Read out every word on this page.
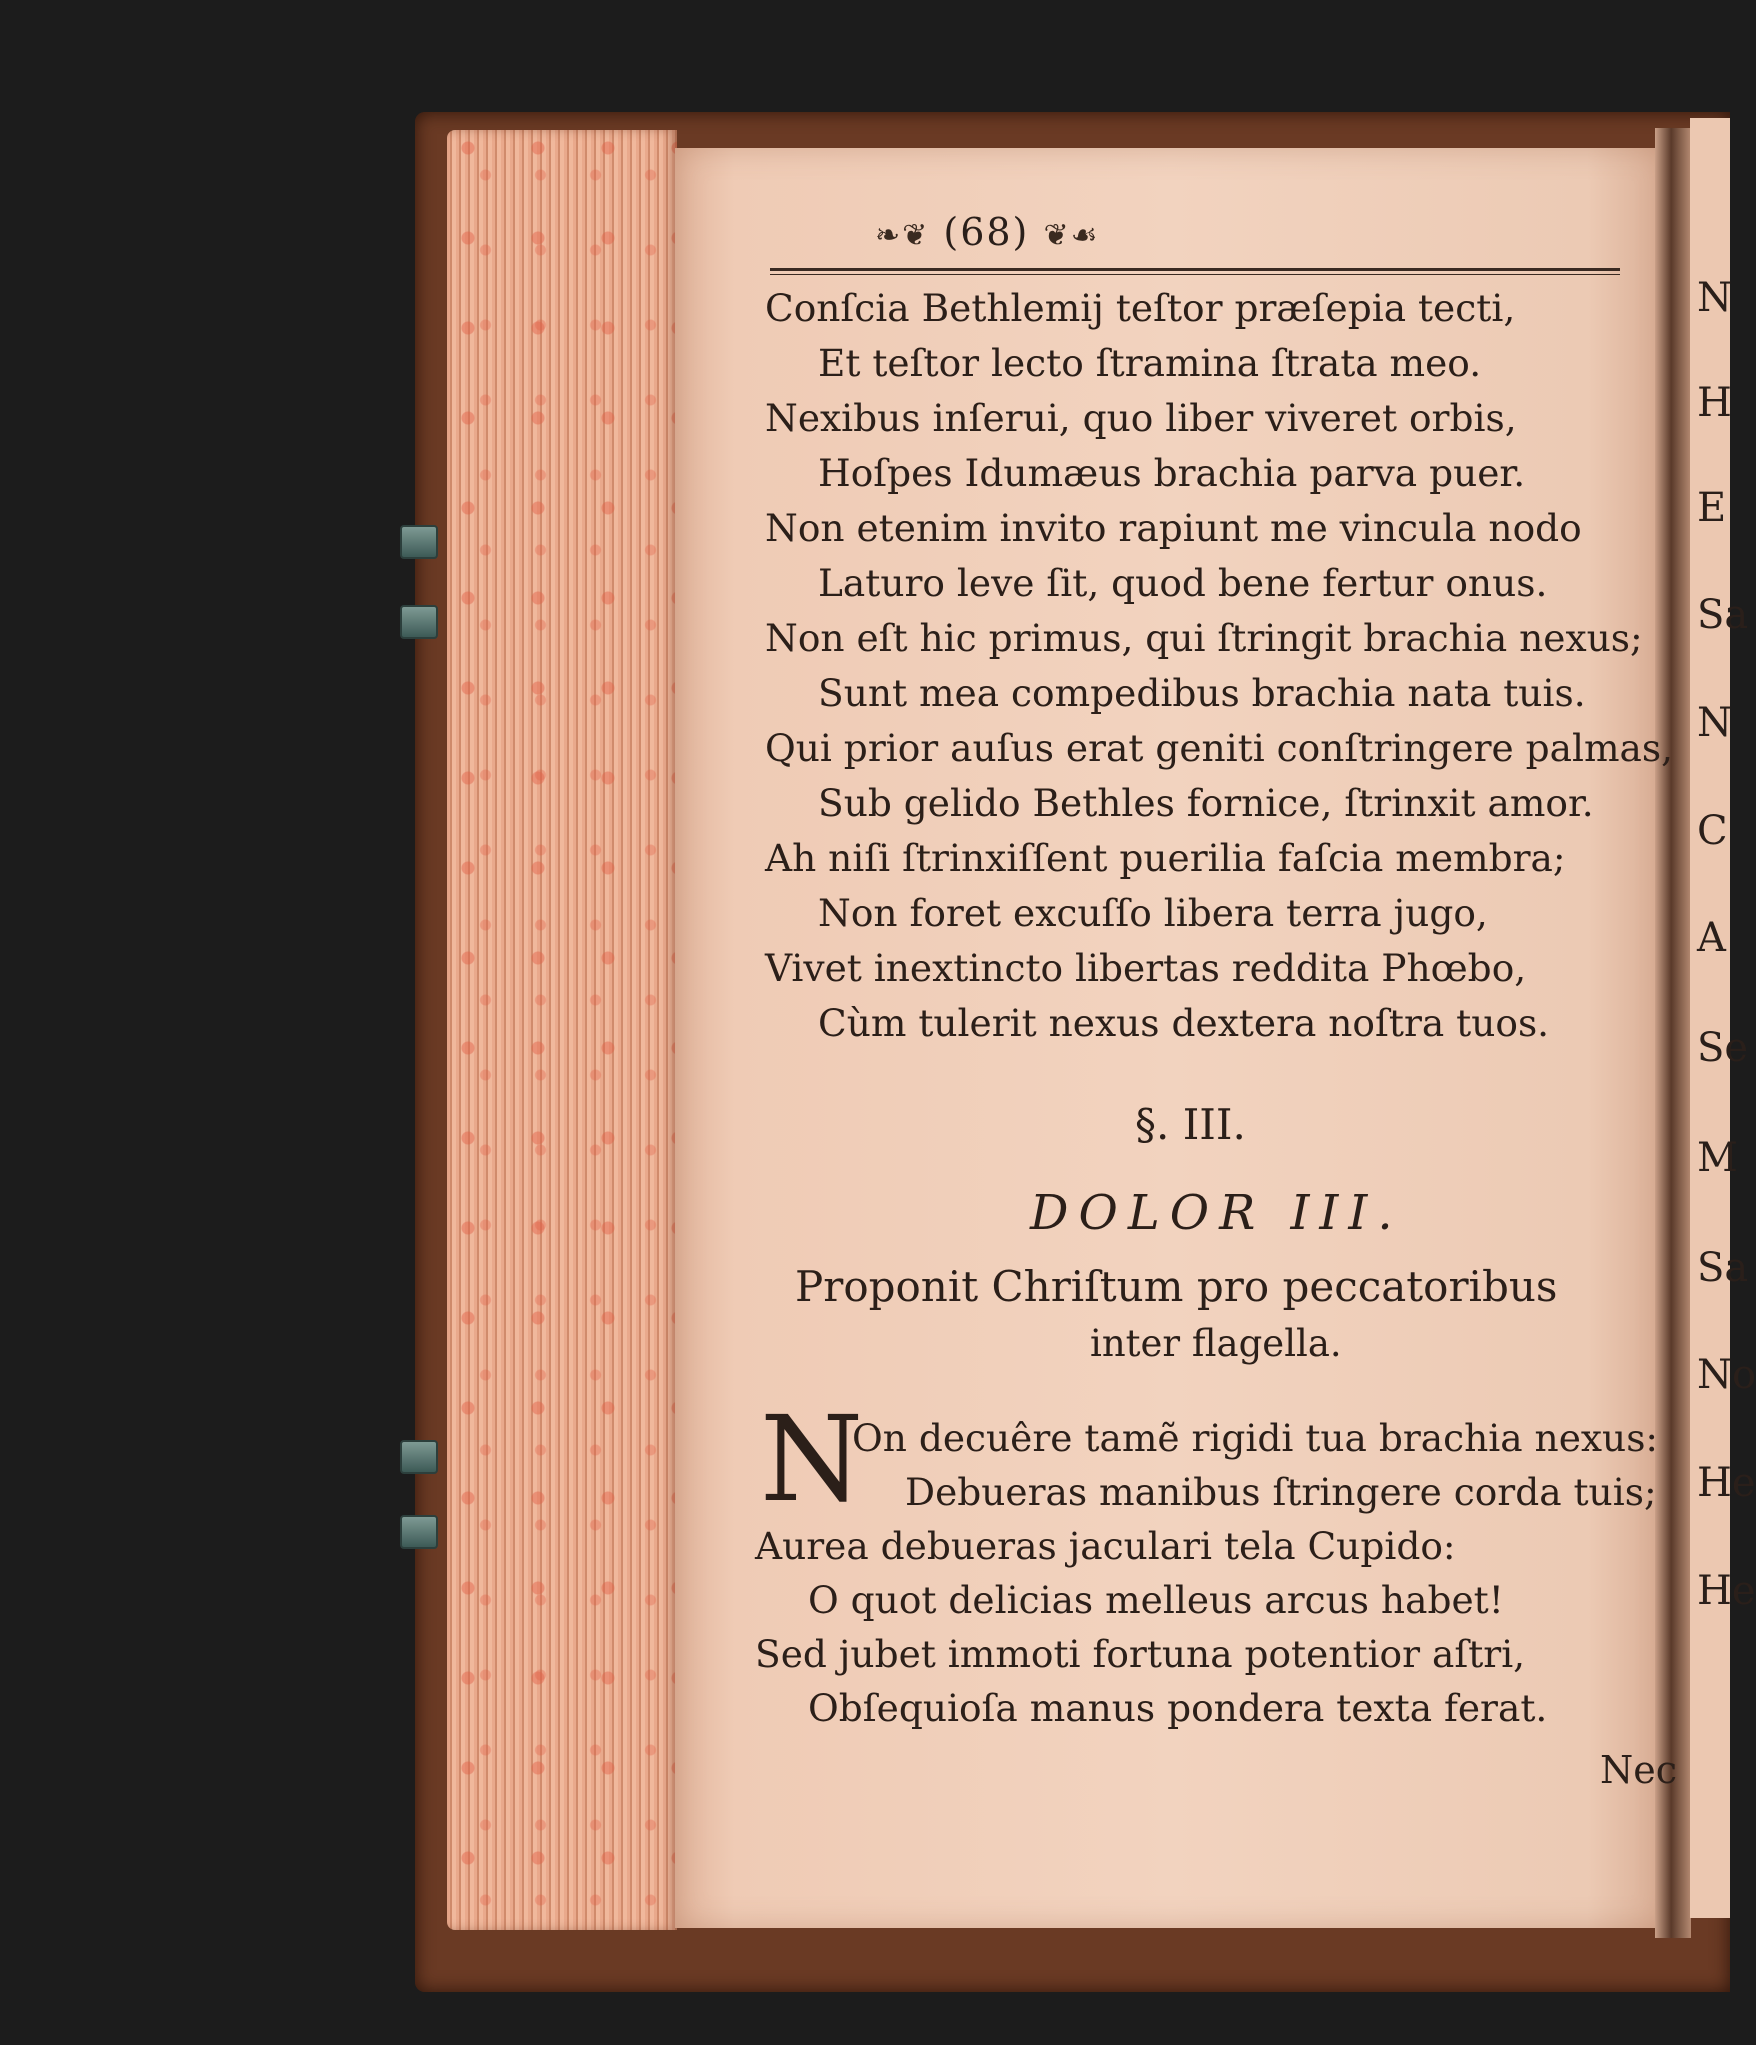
N
H
E
Sa
N
C
A
Se
M
Sa
No
He
He
❧❦ (68) ❦☙
Conſcia Bethlemij teſtor præſepia tecti,
Et teſtor lecto ſtramina ſtrata meo.
Nexibus inſerui, quo liber viveret orbis,
Hoſpes Idumæus brachia parva puer.
Non etenim invito rapiunt me vincula nodo
Laturo leve ſit, quod bene fertur onus.
Non eſt hic primus, qui ſtringit brachia nexus;
Sunt mea compedibus brachia nata tuis.
Qui prior auſus erat geniti conſtringere palmas,
Sub gelido Bethles fornice, ſtrinxit amor.
Ah niſi ſtrinxiſſent puerilia faſcia membra;
Non foret excuſſo libera terra jugo,
Vivet inextincto libertas reddita Phœbo,
Cùm tulerit nexus dextera noſtra tuos.
§. III.
DOLOR III.
Proponit Chriſtum pro peccatoribus
inter flagella.
N
On decuêre tamẽ rigidi tua brachia nexus:
Debueras manibus ſtringere corda tuis;
Aurea debueras jaculari tela Cupido:
O quot delicias melleus arcus habet!
Sed jubet immoti fortuna potentior aſtri,
Obſequioſa manus pondera texta ferat.
Nec
